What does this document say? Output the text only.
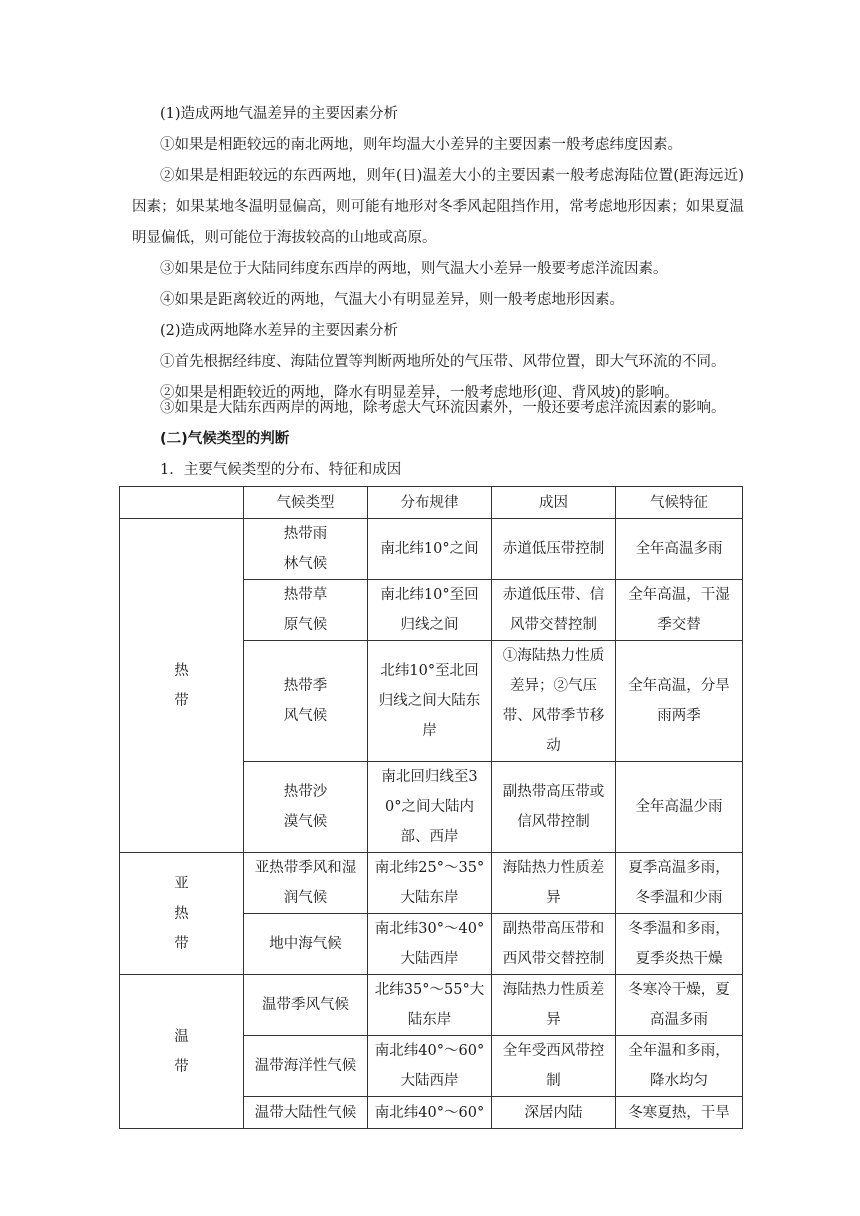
(1)造成两地气温差异的主要因素分析

①如果是相距较远的南北两地，则年均温大小差异的主要因素一般考虑纬度因素。

②如果是相距较远的东西两地，则年(日)温差大小的主要因素一般考虑海陆位置(距海远近)因素；如果某地冬温明显偏高，则可能有地形对冬季风起阻挡作用，常考虑地形因素；如果夏温明显偏低，则可能位于海拔较高的山地或高原。

③如果是位于大陆同纬度东西岸的两地，则气温大小差异一般要考虑洋流因素。

④如果是距离较近的两地，气温大小有明显差异，则一般考虑地形因素。

(2)造成两地降水差异的主要因素分析

①首先根据经纬度、海陆位置等判断两地所处的气压带、风带位置，即大气环流的不同。

②如果是相距较近的两地，降水有明显差异，一般考虑地形(迎、背风坡)的影响。

③如果是大陆东西两岸的两地，除考虑大气环流因素外，一般还要考虑洋流因素的影响。

(二)气候类型的判断

1．主要气候类型的分布、特征和成因

	气候类型	分布规律	成因	气候特征
热带	热带雨林气候	南北纬10°之间	赤道低压带控制	全年高温多雨
	热带草原气候	南北纬10°至回归线之间	赤道低压带、信风带交替控制	全年高温，干湿季交替
	热带季风气候	北纬10°至北回归线之间大陆东岸	①海陆热力性质差异；②气压带、风带季节移动	全年高温，分旱雨两季
	热带沙漠气候	南北回归线至30°之间大陆内部、西岸	副热带高压带或信风带控制	全年高温少雨
亚热带	亚热带季风和湿润气候	南北纬25°～35°大陆东岸	海陆热力性质差异	夏季高温多雨，冬季温和少雨
	地中海气候	南北纬30°～40°大陆西岸	副热带高压带和西风带交替控制	冬季温和多雨，夏季炎热干燥
温带	温带季风气候	北纬35°～55°大陆东岸	海陆热力性质差异	冬寒冷干燥，夏高温多雨
	温带海洋性气候	南北纬40°～60°大陆西岸	全年受西风带控制	全年温和多雨，降水均匀
	温带大陆性气候	南北纬40°～60°	深居内陆	冬寒夏热，干旱
